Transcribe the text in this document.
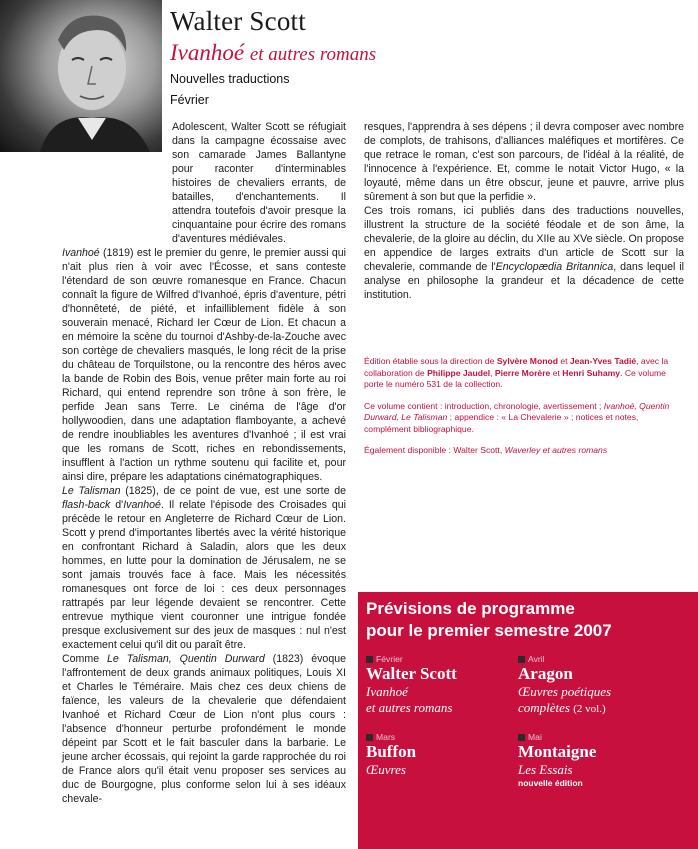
Walter Scott
Ivanhoé et autres romans
Nouvelles traductions
Février

Adolescent, Walter Scott se réfugiait dans la campagne écossaise avec son camarade James Ballantyne pour raconter d'interminables histoires de chevaliers errants, de batailles, d'enchantements. Il attendra toutefois d'avoir presque la cinquantaine pour écrire des romans d'aventures médiévales.

Ivanhoé (1819) est le premier du genre, le premier aussi qui n'ait plus rien à voir avec l'Écosse, et sans conteste l'étendard de son œuvre romanesque en France. Chacun connaît la figure de Wilfred d'Ivanhoé, épris d'aventure, pétri d'honnêteté, de piété, et infailliblement fidèle à son souverain menacé, Richard Ier Cœur de Lion. Et chacun a en mémoire la scène du tournoi d'Ashby-de-la-Zouche avec son cortège de chevaliers masqués, le long récit de la prise du château de Torquilstone, ou la rencontre des héros avec la bande de Robin des Bois, venue prêter main forte au roi Richard, qui entend reprendre son trône à son frère, le perfide Jean sans Terre. Le cinéma de l'âge d'or hollywoodien, dans une adaptation flamboyante, a achevé de rendre inoubliables les aventures d'Ivanhoé ; il est vrai que les romans de Scott, riches en rebondissements, insufflent à l'action un rythme soutenu qui facilite et, pour ainsi dire, prépare les adaptations cinématographiques.

Le Talisman (1825), de ce point de vue, est une sorte de flash-back d'Ivanhoé. Il relate l'épisode des Croisades qui précède le retour en Angleterre de Richard Cœur de Lion. Scott y prend d'importantes libertés avec la vérité historique en confrontant Richard à Saladin, alors que les deux hommes, en lutte pour la domination de Jérusalem, ne se sont jamais trouvés face à face. Mais les nécessités romanesques ont force de loi : ces deux personnages rattrapés par leur légende devaient se rencontrer. Cette entrevue mythique vient couronner une intrigue fondée presque exclusivement sur des jeux de masques : nul n'est exactement celui qu'il dit ou paraît être.

Comme Le Talisman, Quentin Durward (1823) évoque l'affrontement de deux grands animaux politiques, Louis XI et Charles le Téméraire. Mais chez ces deux chiens de faïence, les valeurs de la chevalerie que défendaient Ivanhoé et Richard Cœur de Lion n'ont plus cours : l'absence d'honneur perturbe profondément le monde dépeint par Scott et le fait basculer dans la barbarie. Le jeune archer écossais, qui rejoint la garde rapprochée du roi de France alors qu'il était venu proposer ses services au duc de Bourgogne, plus conforme selon lui à ses idéaux chevale-

resques, l'apprendra à ses dépens ; il devra composer avec nombre de complots, de trahisons, d'alliances maléfiques et mortifères. Ce que retrace le roman, c'est son parcours, de l'idéal à la réalité, de l'innocence à l'expérience. Et, comme le notait Victor Hugo, « la loyauté, même dans un être obscur, jeune et pauvre, arrive plus sûrement à son but que la perfidie ».

Ces trois romans, ici publiés dans des traductions nouvelles, illustrent la structure de la société féodale et de son âme, la chevalerie, de la gloire au déclin, du XIIe au XVe siècle. On propose en appendice de larges extraits d'un article de Scott sur la chevalerie, commande de l'Encyclopædia Britannica, dans lequel il analyse en philosophe la grandeur et la décadence de cette institution.

Édition établie sous la direction de Sylvère Monod et Jean-Yves Tadié, avec la collaboration de Philippe Jaudel, Pierre Morère et Henri Suhamy. Ce volume porte le numéro 531 de la collection.

Ce volume contient : introduction, chronologie, avertissement ; Ivanhoé, Quentin Durward, Le Talisman ; appendice : « La Chevalerie » ; notices et notes, complément bibliographique.

Également disponible : Walter Scott, Waverley et autres romans

Prévisions de programme
pour le premier semestre 2007
Février
Walter Scott
Ivanhoé
et autres romans
Avril
Aragon
Œuvres poétiques
complètes (2 vol.)
Mars
Buffon
Œuvres
Mai
Montaigne
Les Essais
nouvelle édition
